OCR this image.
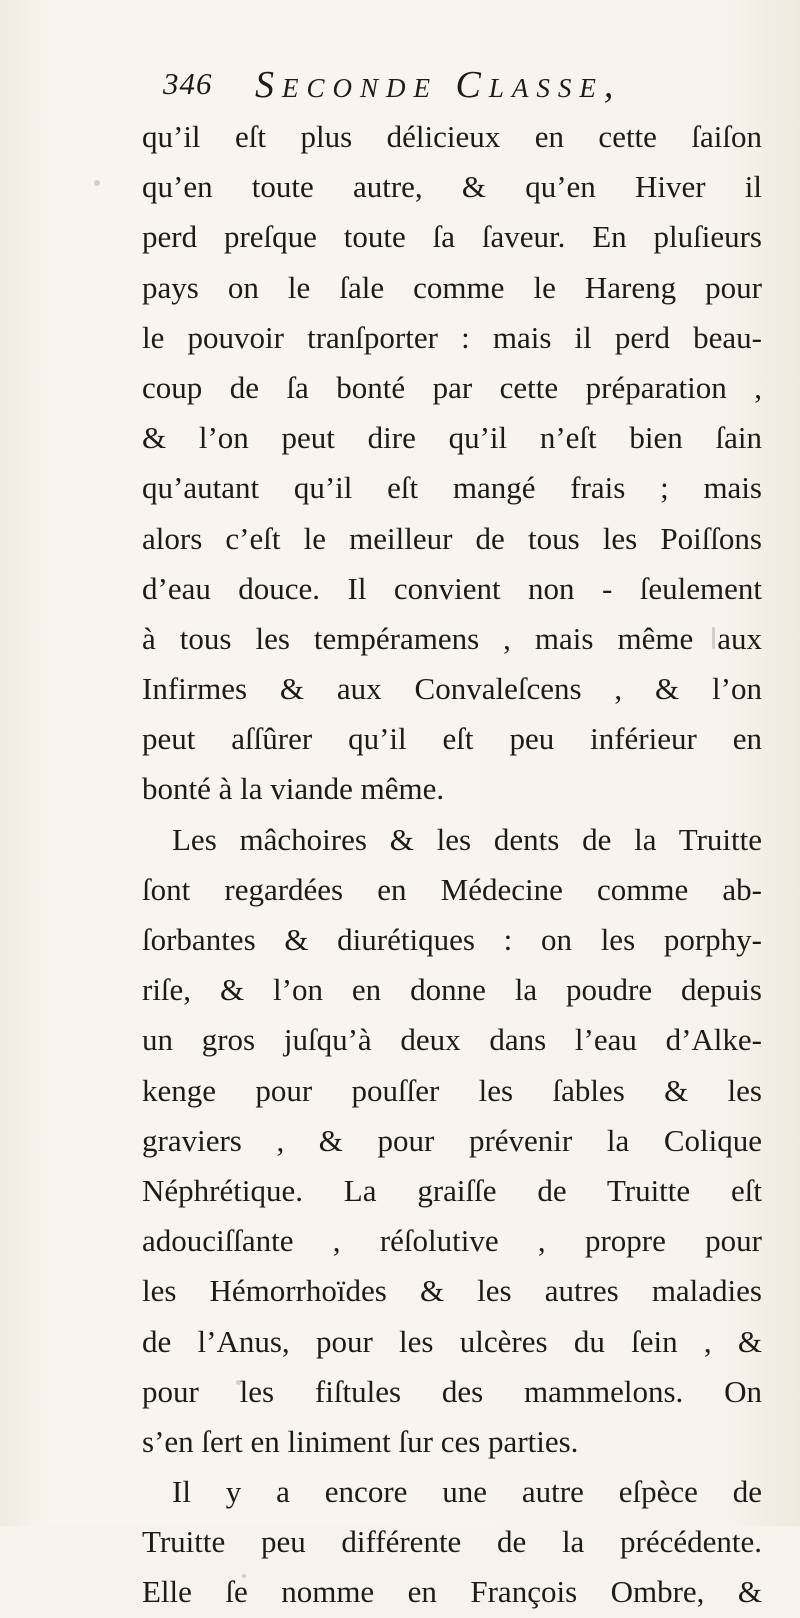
346 Seconde Classe,
qu’il eſt plus délicieux en cette ſaiſon
qu’en toute autre, & qu’en Hiver il
perd preſque toute ſa ſaveur. En pluſieurs
pays on le ſale comme le Hareng pour
le pouvoir tranſporter : mais il perd beau-
coup de ſa bonté par cette préparation ,
& l’on peut dire qu’il n’eſt bien ſain
qu’autant qu’il eſt mangé frais ; mais
alors c’eſt le meilleur de tous les Poiſſons
d’eau douce. Il convient non - ſeulement
à tous les tempéramens , mais même aux
Infirmes & aux Convaleſcens , & l’on
peut aſſûrer qu’il eſt peu inférieur en
bonté à la viande même.
Les mâchoires & les dents de la Truitte
ſont regardées en Médecine comme ab-
ſorbantes & diurétiques : on les porphy-
riſe, & l’on en donne la poudre depuis
un gros juſqu’à deux dans l’eau d’Alke-
kenge pour pouſſer les ſables & les
graviers , & pour prévenir la Colique
Néphrétique. La graiſſe de Truitte eſt
adouciſſante , réſolutive , propre pour
les Hémorrhoïdes & les autres maladies
de l’Anus, pour les ulcères du ſein , &
pour les fiſtules des mammelons. On
s’en ſert en liniment ſur ces parties.
Il y a encore une autre eſpèce de
Truitte peu différente de la précédente.
Elle ſe nomme en François Ombre, &
